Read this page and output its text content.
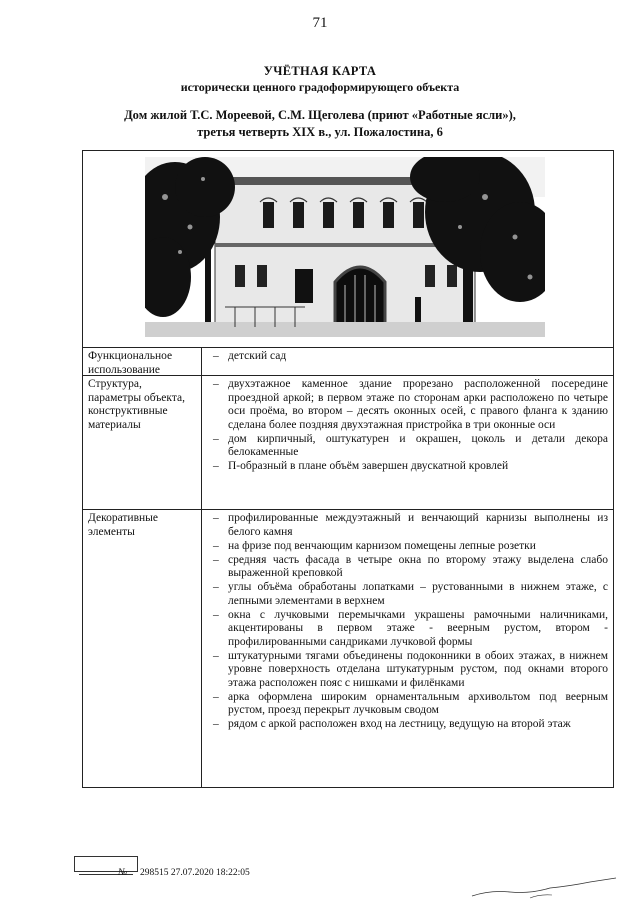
71
УЧЁТНАЯ КАРТА
исторически ценного градоформирующего объекта
Дом жилой Т.С. Мореевой, С.М. Щеголева (приют «Работные ясли»),
третья четверть XIX в., ул. Пожалостина, 6
Функциональное использование
– детский сад
Структура, параметры объекта, конструктивные материалы
– двухэтажное каменное здание прорезано расположенной посередине проездной аркой; в первом этаже по сторонам арки расположено по четыре оси проёма, во втором – десять оконных осей, с правого фланга к зданию сделана более поздняя двухэтажная пристройка в три оконные оси
– дом кирпичный, оштукатурен и окрашен, цоколь и детали декора белокаменные
– П-образный в плане объём завершен двускатной кровлей
Декоративные элементы
– профилированные междуэтажный и венчающий карнизы выполнены из белого камня
– на фризе под венчающим карнизом помещены лепные розетки
– средняя часть фасада в четыре окна по второму этажу выделена слабо выраженной креповкой
– углы объёма обработаны лопатками – рустованными в нижнем этаже, с лепными элементами в верхнем
– окна с лучковыми перемычками украшены рамочными наличниками, акцентированы в первом этаже - веерным рустом, втором - профилированными сандриками лучковой формы
– штукатурными тягами объединены подоконники в обоих этажах, в нижнем уровне поверхность отделана штукатурным рустом, под окнами второго этажа расположен пояс с нишками и филёнками
– арка оформлена широким орнаментальным архивольтом под веерным рустом, проезд перекрыт лучковым сводом
– рядом с аркой расположен вход на лестницу, ведущую на второй этаж
№ 298515 27.07.2020 18:22:05
